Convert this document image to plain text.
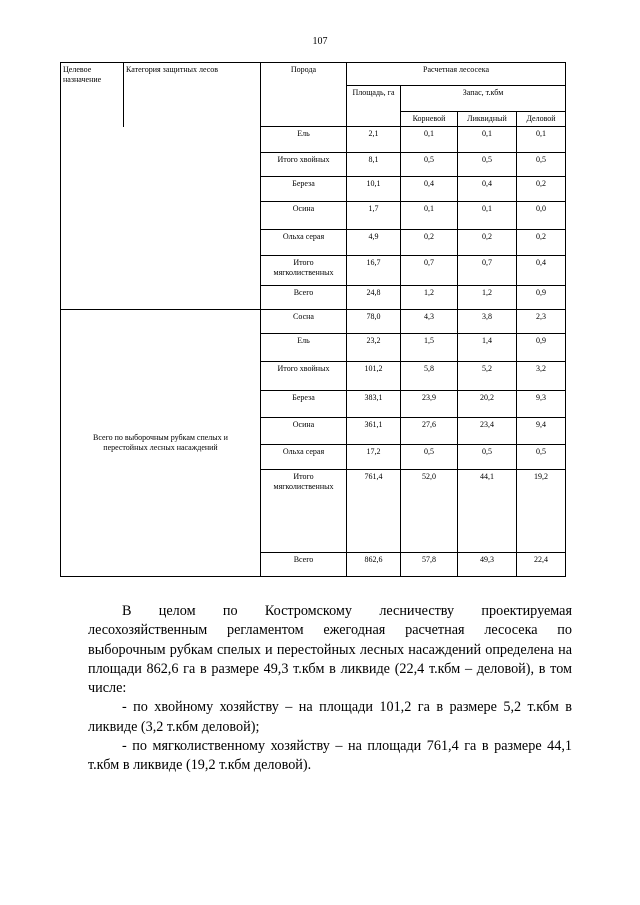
107
Целевое назначение	Категория защитных лесов	Порода	Расчетная лесосека			
			Площадь, га	Запас, т.кбм		
				Корневой	Ликвидный	Деловой
		Ель	2,1	0,1	0,1	0,1
		Итого хвойных	8,1	0,5	0,5	0,5
		Береза	10,1	0,4	0,4	0,2
		Осина	1,7	0,1	0,1	0,0
		Ольха серая	4,9	0,2	0,2	0,2
		Итого мягколиственных	16,7	0,7	0,7	0,4
		Всего	24,8	1,2	1,2	0,9
Всего по выборочным рубкам спелых и перестойных лесных насаждений		Сосна	78,0	4,3	3,8	2,3
		Ель	23,2	1,5	1,4	0,9
		Итого хвойных	101,2	5,8	5,2	3,2
		Береза	383,1	23,9	20,2	9,3
		Осина	361,1	27,6	23,4	9,4
		Ольха серая	17,2	0,5	0,5	0,5
		Итого мягколиственных	761,4	52,0	44,1	19,2
		Всего	862,6	57,8	49,3	22,4

В целом по Костромскому лесничеству проектируемая

лесохозяйственным регламентом ежегодная расчетная лесосека по выборочным рубкам спелых и перестойных лесных насаждений определена на площади 862,6 га в размере 49,3 т.кбм в ликвиде (22,4 т.кбм – деловой), в том числе:

- по хвойному хозяйству – на площади 101,2 га в размере 5,2 т.кбм в ликвиде (3,2 т.кбм деловой);

- по мягколиственному хозяйству – на площади 761,4 га в размере 44,1 т.кбм в ликвиде (19,2 т.кбм деловой).
